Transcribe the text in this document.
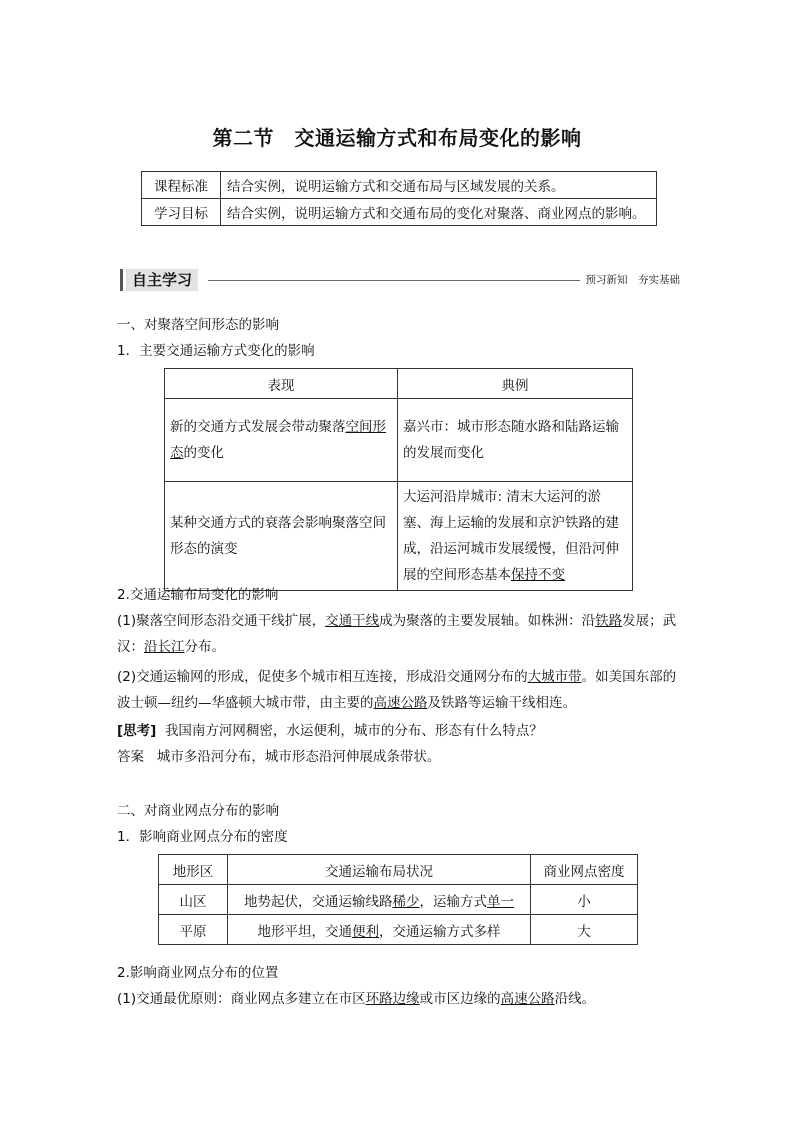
第二节　交通运输方式和布局变化的影响
课程标准	结合实例，说明运输方式和交通布局与区域发展的关系。
学习目标	结合实例，说明运输方式和交通布局的变化对聚落、商业网点的影响。
自主学习	预习新知　夯实基础
一、对聚落空间形态的影响
1．主要交通运输方式变化的影响
表现	典例
新的交通方式发展会带动聚落空间形态的变化	嘉兴市：城市形态随水路和陆路运输的发展而变化
某种交通方式的衰落会影响聚落空间形态的演变	大运河沿岸城市: 清末大运河的淤塞、海上运输的发展和京沪铁路的建成，沿运河城市发展缓慢，但沿河伸展的空间形态基本保持不变
2.交通运输布局变化的影响
(1)聚落空间形态沿交通干线扩展，交通干线成为聚落的主要发展轴。如株洲：沿铁路发展；武汉：沿长江分布。
(2)交通运输网的形成，促使多个城市相互连接，形成沿交通网分布的大城市带。如美国东部的波士顿—纽约—华盛顿大城市带，由主要的高速公路及铁路等运输干线相连。
[思考] 我国南方河网稠密，水运便利，城市的分布、形态有什么特点？
答案 城市多沿河分布，城市形态沿河伸展成条带状。
二、对商业网点分布的影响
1．影响商业网点分布的密度
地形区	交通运输布局状况	商业网点密度
山区	地势起伏，交通运输线路稀少，运输方式单一	小
平原	地形平坦，交通便利，交通运输方式多样	大
2.影响商业网点分布的位置
(1)交通最优原则：商业网点多建立在市区环路边缘或市区边缘的高速公路沿线。
